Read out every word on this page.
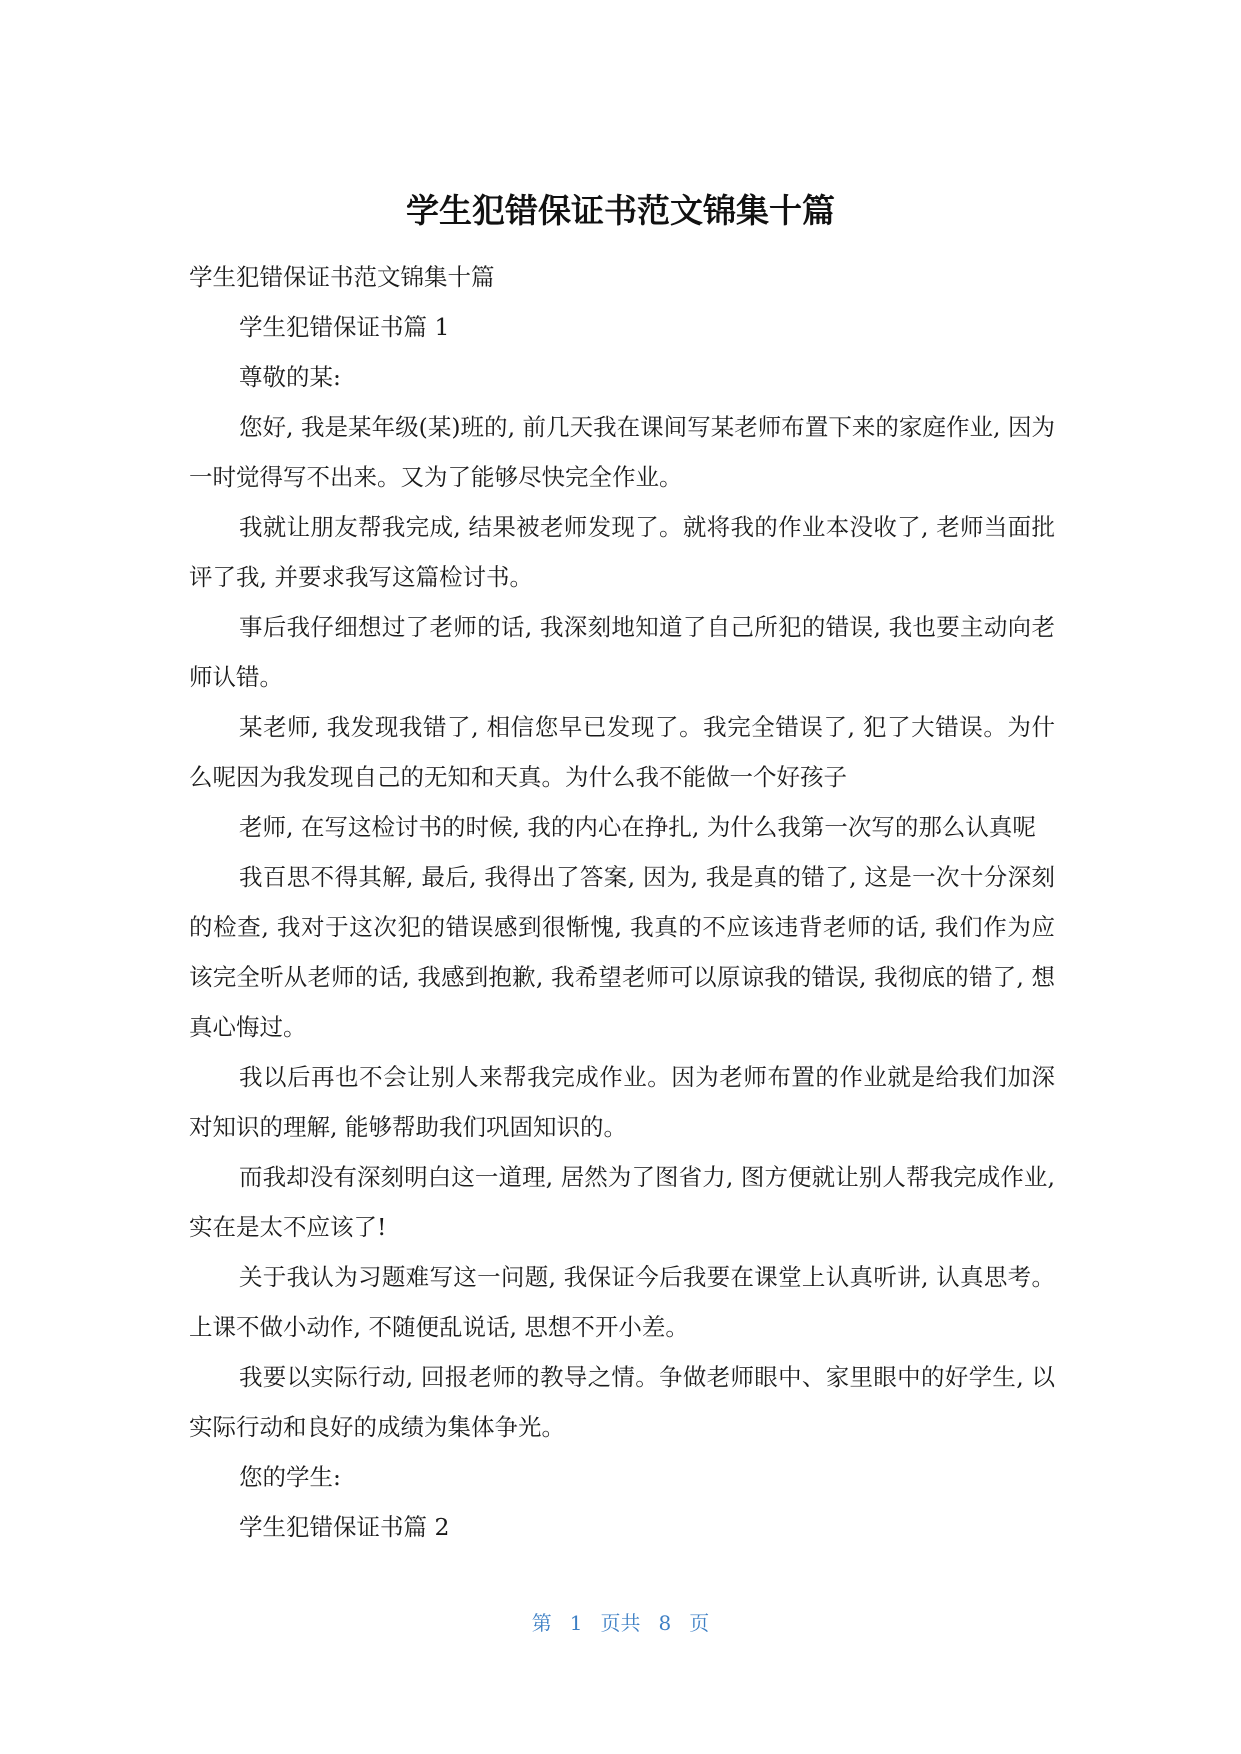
学生犯错保证书范文锦集十篇

学生犯错保证书范文锦集十篇

学生犯错保证书篇 1

尊敬的某:

您好, 我是某年级(某)班的, 前几天我在课间写某老师布置下来的家庭作业, 因为一时觉得写不出来。又为了能够尽快完全作业。

我就让朋友帮我完成, 结果被老师发现了。就将我的作业本没收了, 老师当面批评了我, 并要求我写这篇检讨书。

事后我仔细想过了老师的话, 我深刻地知道了自己所犯的错误, 我也要主动向老师认错。

某老师, 我发现我错了, 相信您早已发现了。我完全错误了, 犯了大错误。为什么呢因为我发现自己的无知和天真。为什么我不能做一个好孩子

老师, 在写这检讨书的时候, 我的内心在挣扎, 为什么我第一次写的那么认真呢

我百思不得其解, 最后, 我得出了答案, 因为, 我是真的错了, 这是一次十分深刻的检查, 我对于这次犯的错误感到很惭愧, 我真的不应该违背老师的话, 我们作为应该完全听从老师的话, 我感到抱歉, 我希望老师可以原谅我的错误, 我彻底的错了, 想真心悔过。

我以后再也不会让别人来帮我完成作业。因为老师布置的作业就是给我们加深对知识的理解, 能够帮助我们巩固知识的。

而我却没有深刻明白这一道理, 居然为了图省力, 图方便就让别人帮我完成作业, 实在是太不应该了!

关于我认为习题难写这一问题, 我保证今后我要在课堂上认真听讲, 认真思考。上课不做小动作, 不随便乱说话, 思想不开小差。

我要以实际行动, 回报老师的教导之情。争做老师眼中、家里眼中的好学生, 以实际行动和良好的成绩为集体争光。

您的学生:

学生犯错保证书篇 2

第 1 页共 8 页
